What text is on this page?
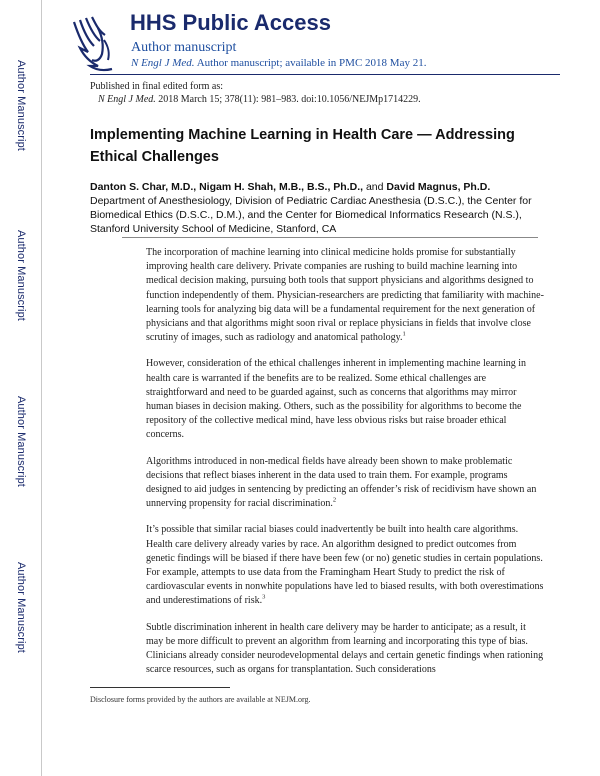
Author Manuscript
Author Manuscript
Author Manuscript
Author Manuscript
HHS Public Access
Author manuscript
N Engl J Med. Author manuscript; available in PMC 2018 May 21.
Published in final edited form as:
N Engl J Med. 2018 March 15; 378(11): 981–983. doi:10.1056/NEJMp1714229.
Implementing Machine Learning in Health Care — Addressing Ethical Challenges
Danton S. Char, M.D., Nigam H. Shah, M.B., B.S., Ph.D., and David Magnus, Ph.D.
Department of Anesthesiology, Division of Pediatric Cardiac Anesthesia (D.S.C.), the Center for Biomedical Ethics (D.S.C., D.M.), and the Center for Biomedical Informatics Research (N.S.), Stanford University School of Medicine, Stanford, CA

The incorporation of machine learning into clinical medicine holds promise for substantially improving health care delivery. Private companies are rushing to build machine learning into medical decision making, pursuing both tools that support physicians and algorithms designed to function independently of them. Physician-researchers are predicting that familiarity with machine-learning tools for analyzing big data will be a fundamental requirement for the next generation of physicians and that algorithms might soon rival or replace physicians in fields that involve close scrutiny of images, such as radiology and anatomical pathology.$^1$

However, consideration of the ethical challenges inherent in implementing machine learning in health care is warranted if the benefits are to be realized. Some ethical challenges are straightforward and need to be guarded against, such as concerns that algorithms may mirror human biases in decision making. Others, such as the possibility for algorithms to become the repository of the collective medical mind, have less obvious risks but raise broader ethical concerns.

Algorithms introduced in non-medical fields have already been shown to make problematic decisions that reflect biases inherent in the data used to train them. For example, programs designed to aid judges in sentencing by predicting an offender’s risk of recidivism have shown an unnerving propensity for racial discrimination.$^2$

It’s possible that similar racial biases could inadvertently be built into health care algorithms. Health care delivery already varies by race. An algorithm designed to predict outcomes from genetic findings will be biased if there have been few (or no) genetic studies in certain populations. For example, attempts to use data from the Framingham Heart Study to predict the risk of cardiovascular events in nonwhite populations have led to biased results, with both overestimations and underestimations of risk.$^3$

Subtle discrimination inherent in health care delivery may be harder to anticipate; as a result, it may be more difficult to prevent an algorithm from learning and incorporating this type of bias. Clinicians already consider neurodevelopmental delays and certain genetic findings when rationing scarce resources, such as organs for transplantation. Such considerations

Disclosure forms provided by the authors are available at NEJM.org.
